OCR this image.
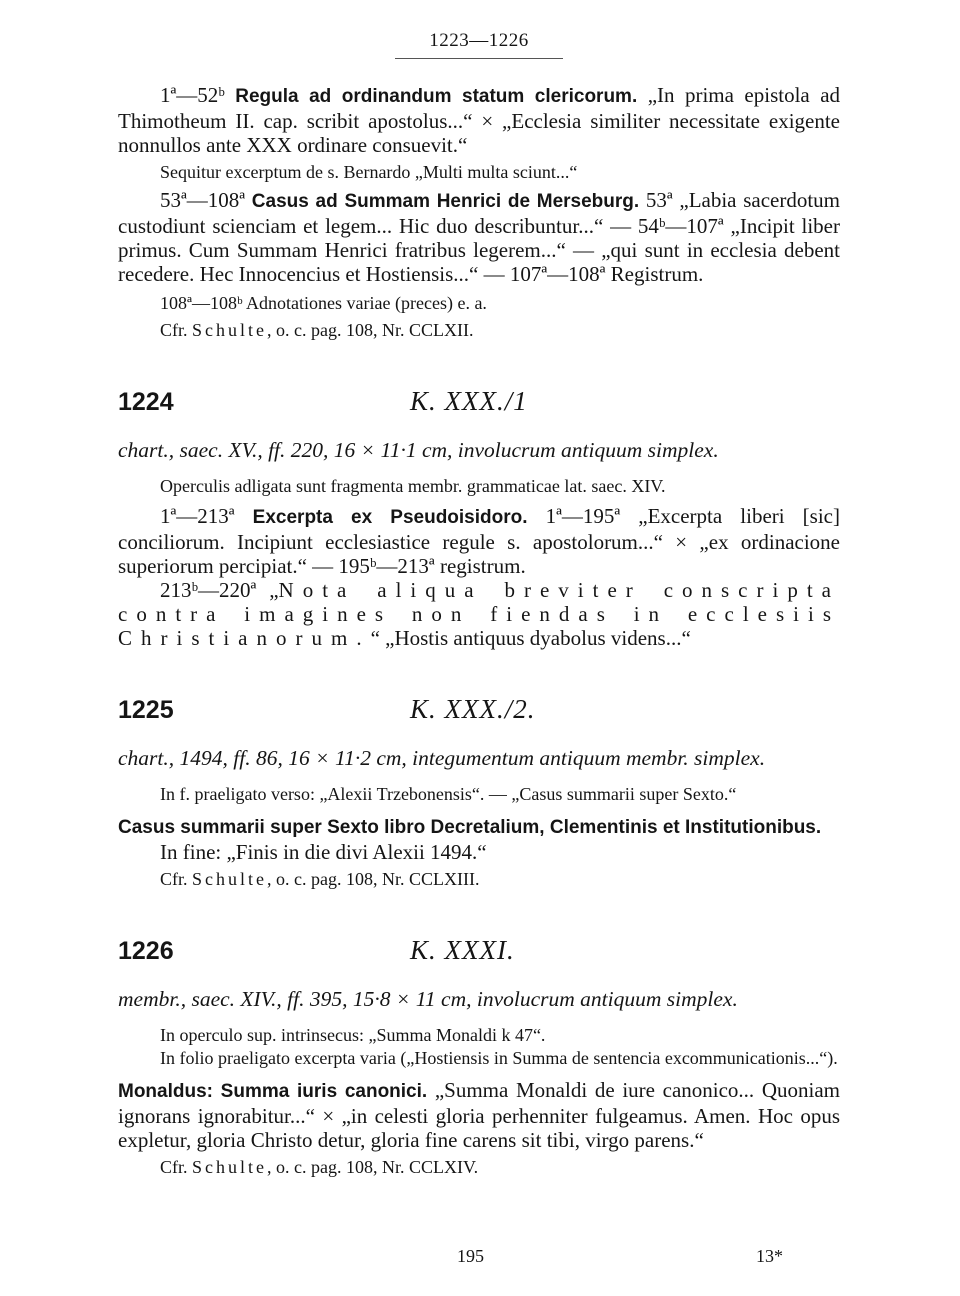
1223—1226

1ª—52ᵇ Regula ad ordinandum statum clericorum. „In prima epistola ad Thimotheum II. cap. scribit apostolus...“ × „Ecclesia similiter necessitate exigente nonnullos ante XXX ordinare consuevit.“

Sequitur excerptum de s. Bernardo „Multi multa sciunt...“

53ª—108ª Casus ad Summam Henrici de Merseburg. 53ª „Labia sacerdotum custodiunt scienciam et legem... Hic duo describuntur...“ — 54ᵇ—107ª „Incipit liber primus. Cum Summam Henrici fratribus legerem...“ — „qui sunt in ecclesia debent recedere. Hec Innocencius et Hostiensis...“ — 107ª—108ª Registrum.

108ª—108ᵇ Adnotationes variae (preces) e. a.

Cfr. Schulte, o. c. pag. 108, Nr. CCLXII.

1224	K. XXX./1
chart., saec. XV., ff. 220, 16 × 11·1 cm, involucrum antiquum simplex.

Operculis adligata sunt fragmenta membr. grammaticae lat. saec. XIV.

1ª—213ª Excerpta ex Pseudoisidoro. 1ª—195ª „Excerpta liberi [sic] conciliorum. Incipiunt ecclesiastice regule s. apostolorum...“ × „ex ordinacione superiorum percipiat.“ — 195ᵇ—213ª registrum.

213ᵇ—220ª „Nota aliqua breviter conscripta contra imagines non fiendas in ecclesiis Christianorum.“ „Hostis antiquus dyabolus videns...“

1225	K. XXX./2.
chart., 1494, ff. 86, 16 × 11·2 cm, integumentum antiquum membr. simplex.

In f. praeligato verso: „Alexii Trzebonensis“. — „Casus summarii super Sexto.“

Casus summarii super Sexto libro Decretalium, Clementinis et Institutionibus.

In fine: „Finis in die divi Alexii 1494.“

Cfr. Schulte, o. c. pag. 108, Nr. CCLXIII.

1226	K. XXXI.
membr., saec. XIV., ff. 395, 15·8 × 11 cm, involucrum antiquum simplex.

In operculo sup. intrinsecus: „Summa Monaldi k 47“.

In folio praeligato excerpta varia („Hostiensis in Summa de sentencia excommunicationis...“).

Monaldus: Summa iuris canonici. „Summa Monaldi de iure canonico... Quoniam ignorans ignorabitur...“ × „in celesti gloria perhenniter fulgeamus. Amen. Hoc opus expletur, gloria Christo detur, gloria fine carens sit tibi, virgo parens.“

Cfr. Schulte, o. c. pag. 108, Nr. CCLXIV.

195	13*
